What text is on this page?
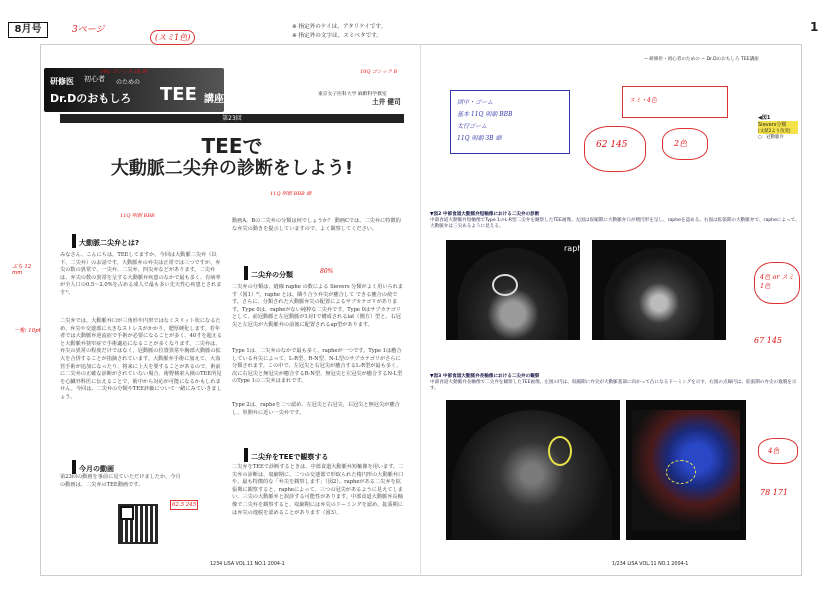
8月号	3ページ
(スミ1色)
※ 指定外のケイは、アタリケイです。
※ 指定外の文字は、スミベタです。
1
研修医 初心者 のための
Dr.Dのおもしろ TEE 講座	東京女子医科大学 麻酔科学教室
土井 健司
10Q ゴシック B
第23回
TEEで
大動脈二尖弁の診断をしよう!
14Q ゴシック 3B 細
大動脈二尖弁とは?
みなさん、こんにちは。TEEしてますか。今回は大動脈二尖弁（以下、二尖弁）のお話です。大動脈弁の弁尖は正常では三つですが、弁尖の数の異常で、一尖弁、二尖弁、四尖弁などがあります。二尖弁は、弁尖の数の異常を呈する大動脈弁疾患のなかで最も多く、有病率が全人口の0.5〜2.0%を占める成人で最も多い先天性心疾患とされます¹⁾。
二尖弁では、大動脈弁口が三角形や円形ではなくスリット状になるため、弁尖や交連部に大きなストレスがかかり、肥厚硬化します。若年者では大動脈弁逆流症で手術が必要になることが多く、40才を超えると大動脈弁狭窄症で手術適応になることが多くなります。二尖弁は、弁尖の異常の程度だけではなく、冠動脈の位置異常や胸部大動脈の拡大を合併することが指摘されています。大動脈弁手術に加えて、大血管手術が追加になったり、将来に上大を要することがあるので、術前に二尖弁の正確な診断がされていない場合、術野検索入検のTEE所見を心臓外科医に伝えることで、術中から対応が可能になるかもしれません。今回は、二尖弁の分類やTEE評価について一緒にみていきましょう。
今月の動画
第23回の動画を事前に見ていただけましたか。今月の動画は、二尖弁のTEE動画です。
62.5 245
動画A、Bの二尖弁の分類は何でしょうか？ 動画Cでは、二尖弁に特徴的な弁尖の動きを提示していますので、よく観察してください。
二尖弁の分類
二尖弁の分類は、縫線 raphe の数による Sievers 分類がよく用いられます（図1）²⁾。raphe とは、隣り合う弁尖が癒合して できる癒合の痕です。さらに、分類された大動脈弁尖の配置によるサブカテゴリがあります。Type 0は、rapheがない純粋な二尖弁です。Type 0はサブカテゴリとして、前冠動脈と左冠動脈が1対1で構成されるlat（側方）型と、右冠尖と左冠尖が大動脈弁の前後に配置されるap型があります。
Type 1は、二尖弁のなかで最も多く、rapheが一つです。Type 1は癒合している弁尖によって、L-R型、R-N型、N-L型のサブカテゴリがさらに分類されます。この中で、左冠尖と右冠尖が癒合するL-R型が最も多く、次に右冠尖と無冠尖が癒合するR-N型、無冠尖と左冠尖が癒合するN-L型のType 1の二尖弁はまれです。
Type 2は、rapheを二つ認め、左冠尖と右冠尖、右冠尖と無冠尖が癒合し、単開弁に近い一尖弁です。
二尖弁をTEEで観察する
二尖弁をTEEで診断するときは、中部食道大動脈弁短軸像を用います。二尖弁の診断は、収縮期に、二つの交連部で形取られた楕円形の大動脈弁口や、最も特徴的な「弁尖を観察します」（図2）。rapheがある二尖弁を拡張期に観察すると、rapheによって、三つの冠尖があるように見えてしまい、三尖の大動脈弁と誤診する可能性があります。中部食道大動脈弁長軸像で二尖弁を観察すると、収縮期には弁尖のドーミングを認め、拡張期には弁尖の逸脱を認めることがあります（図3）。
80%
− 研修医・初心者のための − Dr.Dのおもしろ TEE講座
囲中・ゴーム
基本 11Q 明朝 BBB
太行ゴーム
11Q 明朝 3B 細
62 145	2色
スミ・4色
◀図1
Sievers分類
(文献2より改変)
○：冠動脈弁
▼図2 中部食道大動脈弁短軸像における二尖弁の診断
中部食道大動脈弁短軸像でType 1のL-R型二尖弁を観察したTEE画像。左図は収縮期に大動脈弁口が楕円形を呈し、rapheを認める。右図は拡張期の大動脈弁で、rapheによって、大動脈弁は三尖あるように見える。
raphe
4色 or スミ1色
67 145
▼図3 中部食道大動脈弁長軸像における二尖弁の観察
中部食道大動脈弁長軸像で二尖弁を観察したTEE画像。左図の円は、収縮期に弁尖が大動脈基部に向かって凸になるドーミングを示す。右図の点線円は、拡張期の弁尖の逸脱を示す。
4色
78 171
ぶち 12 mm
一覧: 10pt
11Q 明朝 BBB
11Q 明朝 BBB 細
1234 LiSA VOL.11 NO.1 2004-1	1/234 LiSA VOL.11 NO.1 2004-1
